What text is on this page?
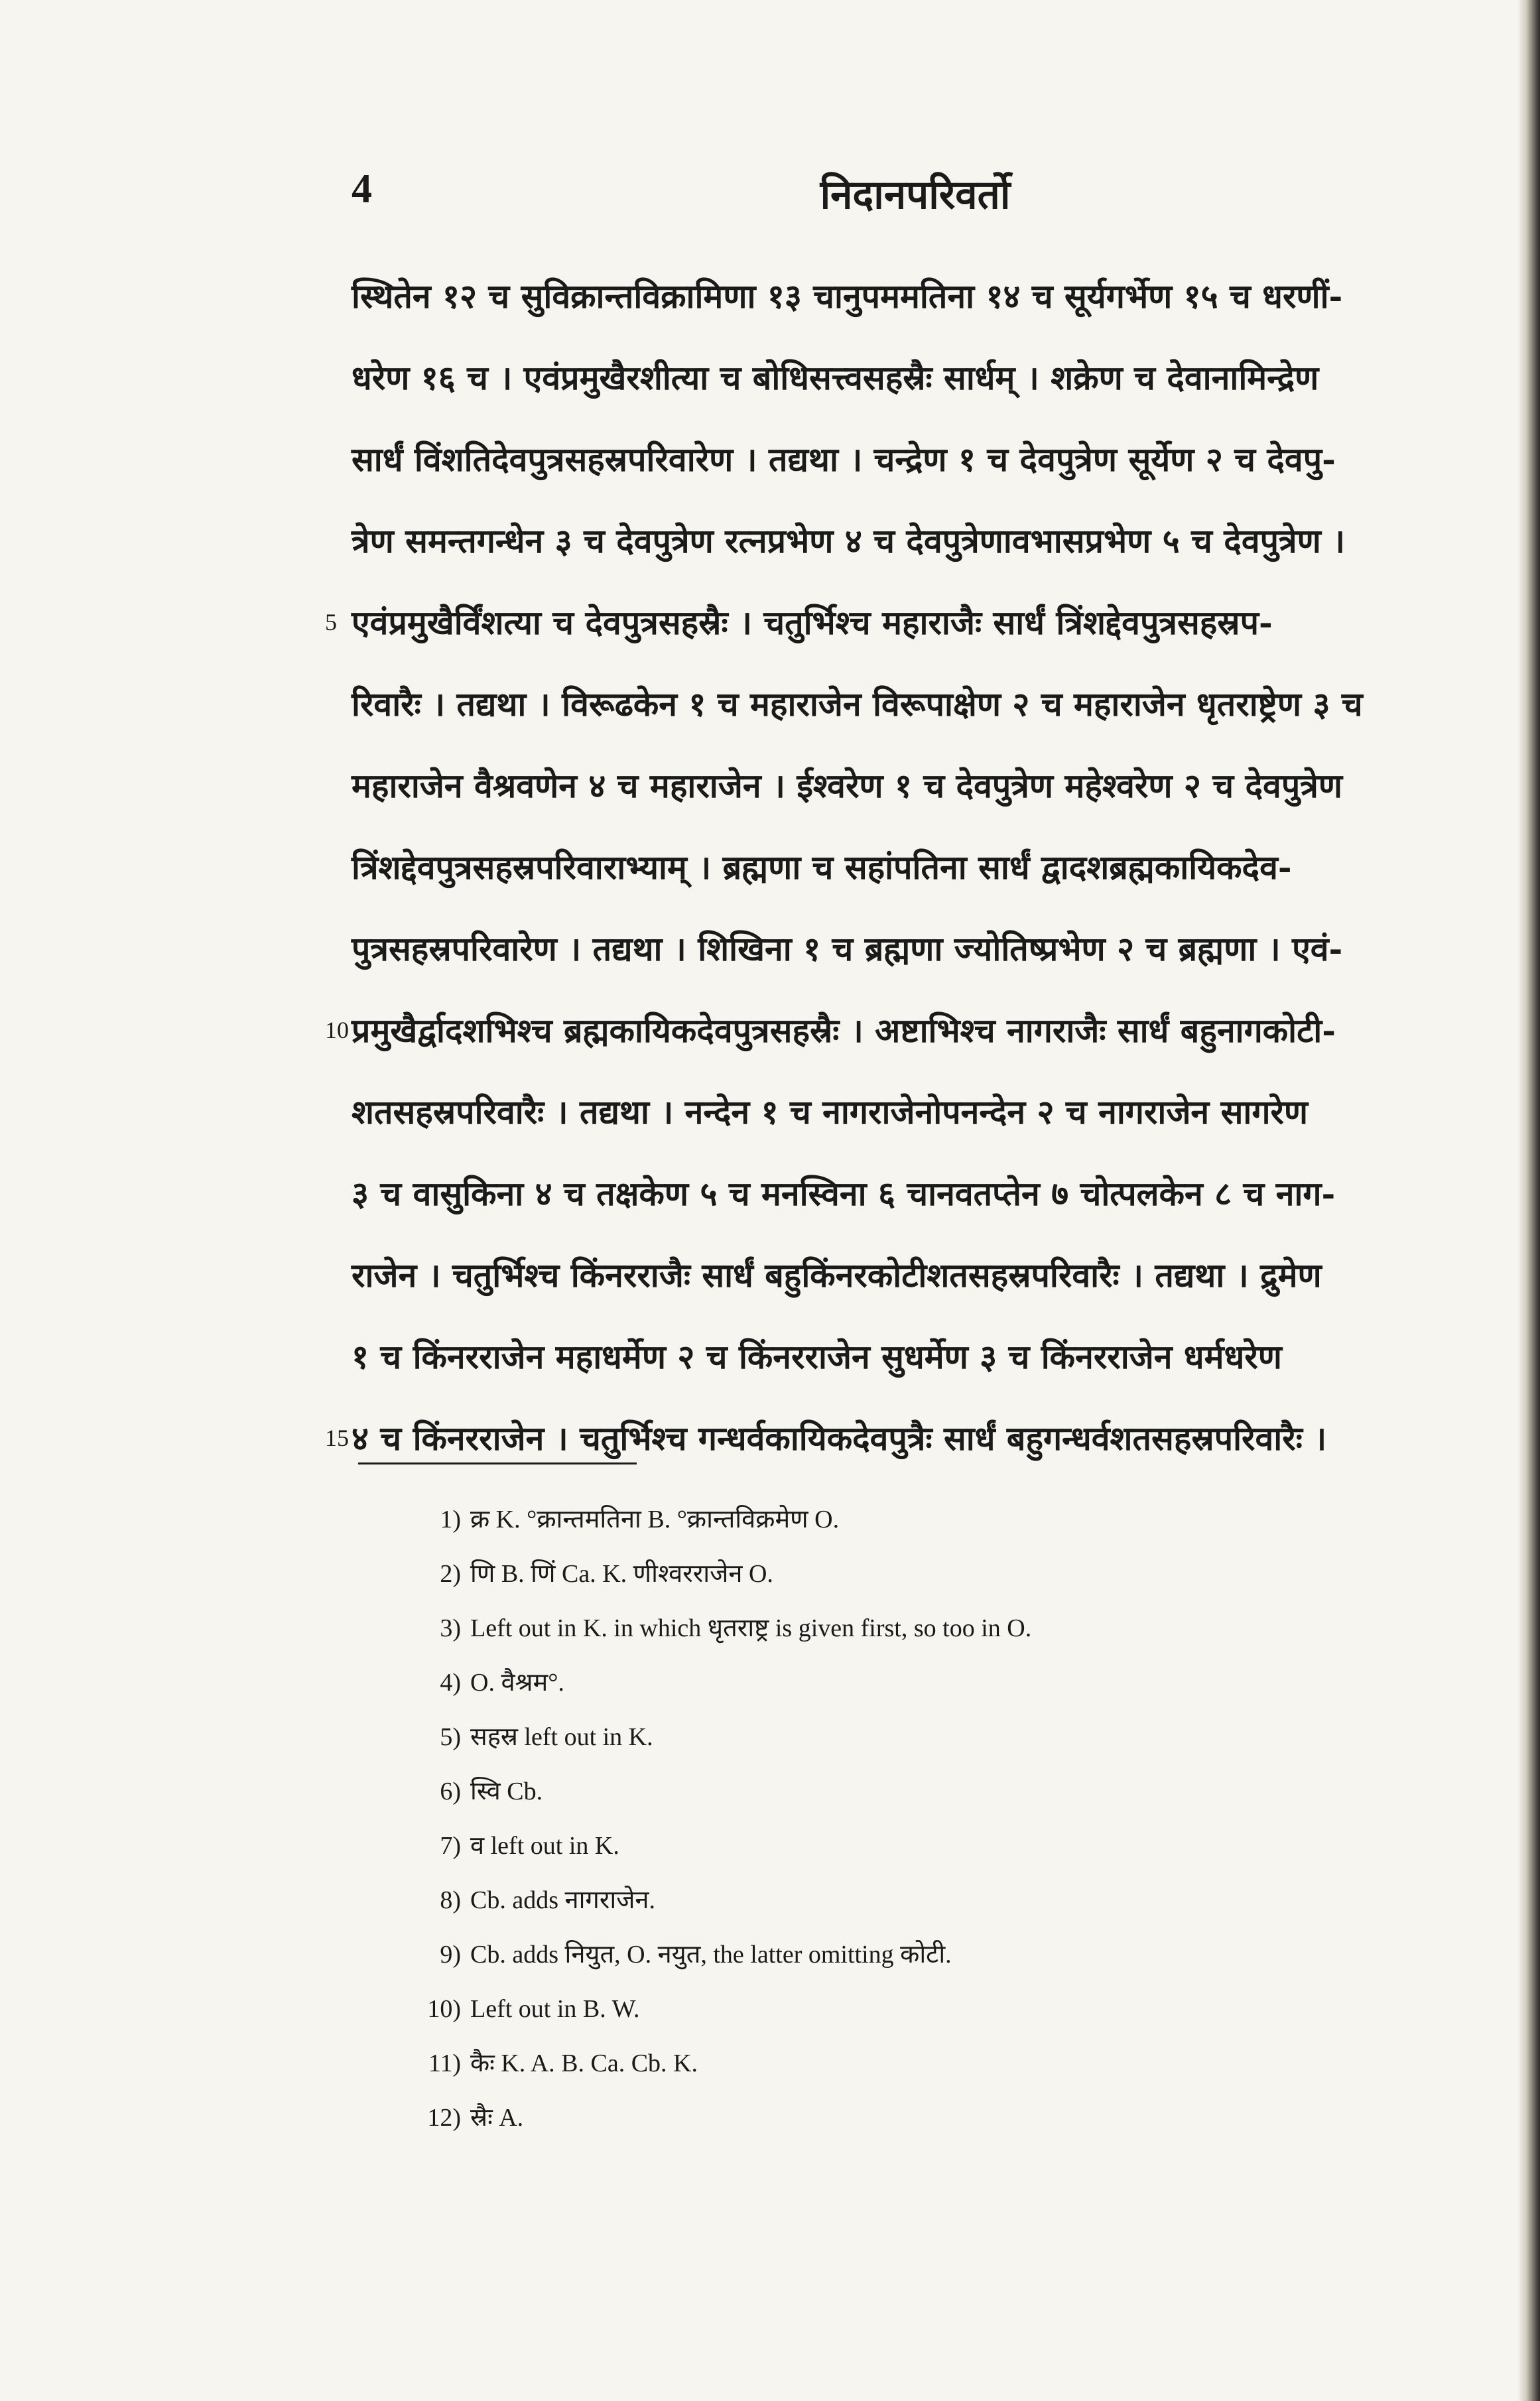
4	निदानपरिवर्तो
स्थितेन १२ च सुविक्रान्तविक्रामिणा १३ चानुपममतिना १४ च सूर्यगर्भेण १५ च धरणीं-
धरेण १६ च । एवंप्रमुखैरशीत्या च बोधिसत्त्वसहस्रैः सार्धम् । शक्रेण च देवानामिन्द्रेण
सार्धं विंशतिदेवपुत्रसहस्रपरिवारेण । तद्यथा । चन्द्रेण १ च देवपुत्रेण सूर्येण २ च देवपु-
त्रेण समन्तगन्धेन ३ च देवपुत्रेण रत्नप्रभेण ४ च देवपुत्रेणावभासप्रभेण ५ च देवपुत्रेण ।
5 एवंप्रमुखैर्विंशत्या च देवपुत्रसहस्रैः । चतुर्भिश्च महाराजैः सार्धं त्रिंशद्देवपुत्रसहस्रप-
रिवारैः । तद्यथा । विरूढकेन १ च महाराजेन विरूपाक्षेण २ च महाराजेन धृतराष्ट्रेण ३ च
महाराजेन वैश्रवणेन ४ च महाराजेन । ईश्वरेण १ च देवपुत्रेण महेश्वरेण २ च देवपुत्रेण
त्रिंशद्देवपुत्रसहस्रपरिवाराभ्याम् । ब्रह्मणा च सहांपतिना सार्धं द्वादशब्रह्मकायिकदेव-
पुत्रसहस्रपरिवारेण । तद्यथा । शिखिना १ च ब्रह्मणा ज्योतिष्प्रभेण २ च ब्रह्मणा । एवं-
10 प्रमुखैर्द्वादशभिश्च ब्रह्मकायिकदेवपुत्रसहस्रैः । अष्टाभिश्च नागराजैः सार्धं बहुनागकोटी-
शतसहस्रपरिवारैः । तद्यथा । नन्देन १ च नागराजेनोपनन्देन २ च नागराजेन सागरेण
३ च वासुकिना ४ च तक्षकेण ५ च मनस्विना ६ चानवतप्तेन ७ चोत्पलकेन ८ च नाग-
राजेन । चतुर्भिश्च किंनरराजैः सार्धं बहुकिंनरकोटीशतसहस्रपरिवारैः । तद्यथा । द्रुमेण
१ च किंनरराजेन महाधर्मेण २ च किंनरराजेन सुधर्मेण ३ च किंनरराजेन धर्मधरेण
15 ४ च किंनरराजेन । चतुर्भिश्च गन्धर्वकायिकदेवपुत्रैः सार्धं बहुगन्धर्वशतसहस्रपरिवारैः ।
1) क्र K. °क्रान्तमतिना B. °क्रान्तविक्रमेण O.
2) णि B. णिं Ca. K. णीश्वरराजेन O.
3) Left out in K. in which धृतराष्ट्र is given first, so too in O.
4) O. वैश्रम°.
5) सहस्र left out in K.
6) स्वि Cb.
7) व left out in K.
8) Cb. adds नागराजेन.
9) Cb. adds नियुत, O. नयुत, the latter omitting कोटी.
10) Left out in B. W.
11) कैः K. A. B. Ca. Cb. K.
12) स्रैः A.
